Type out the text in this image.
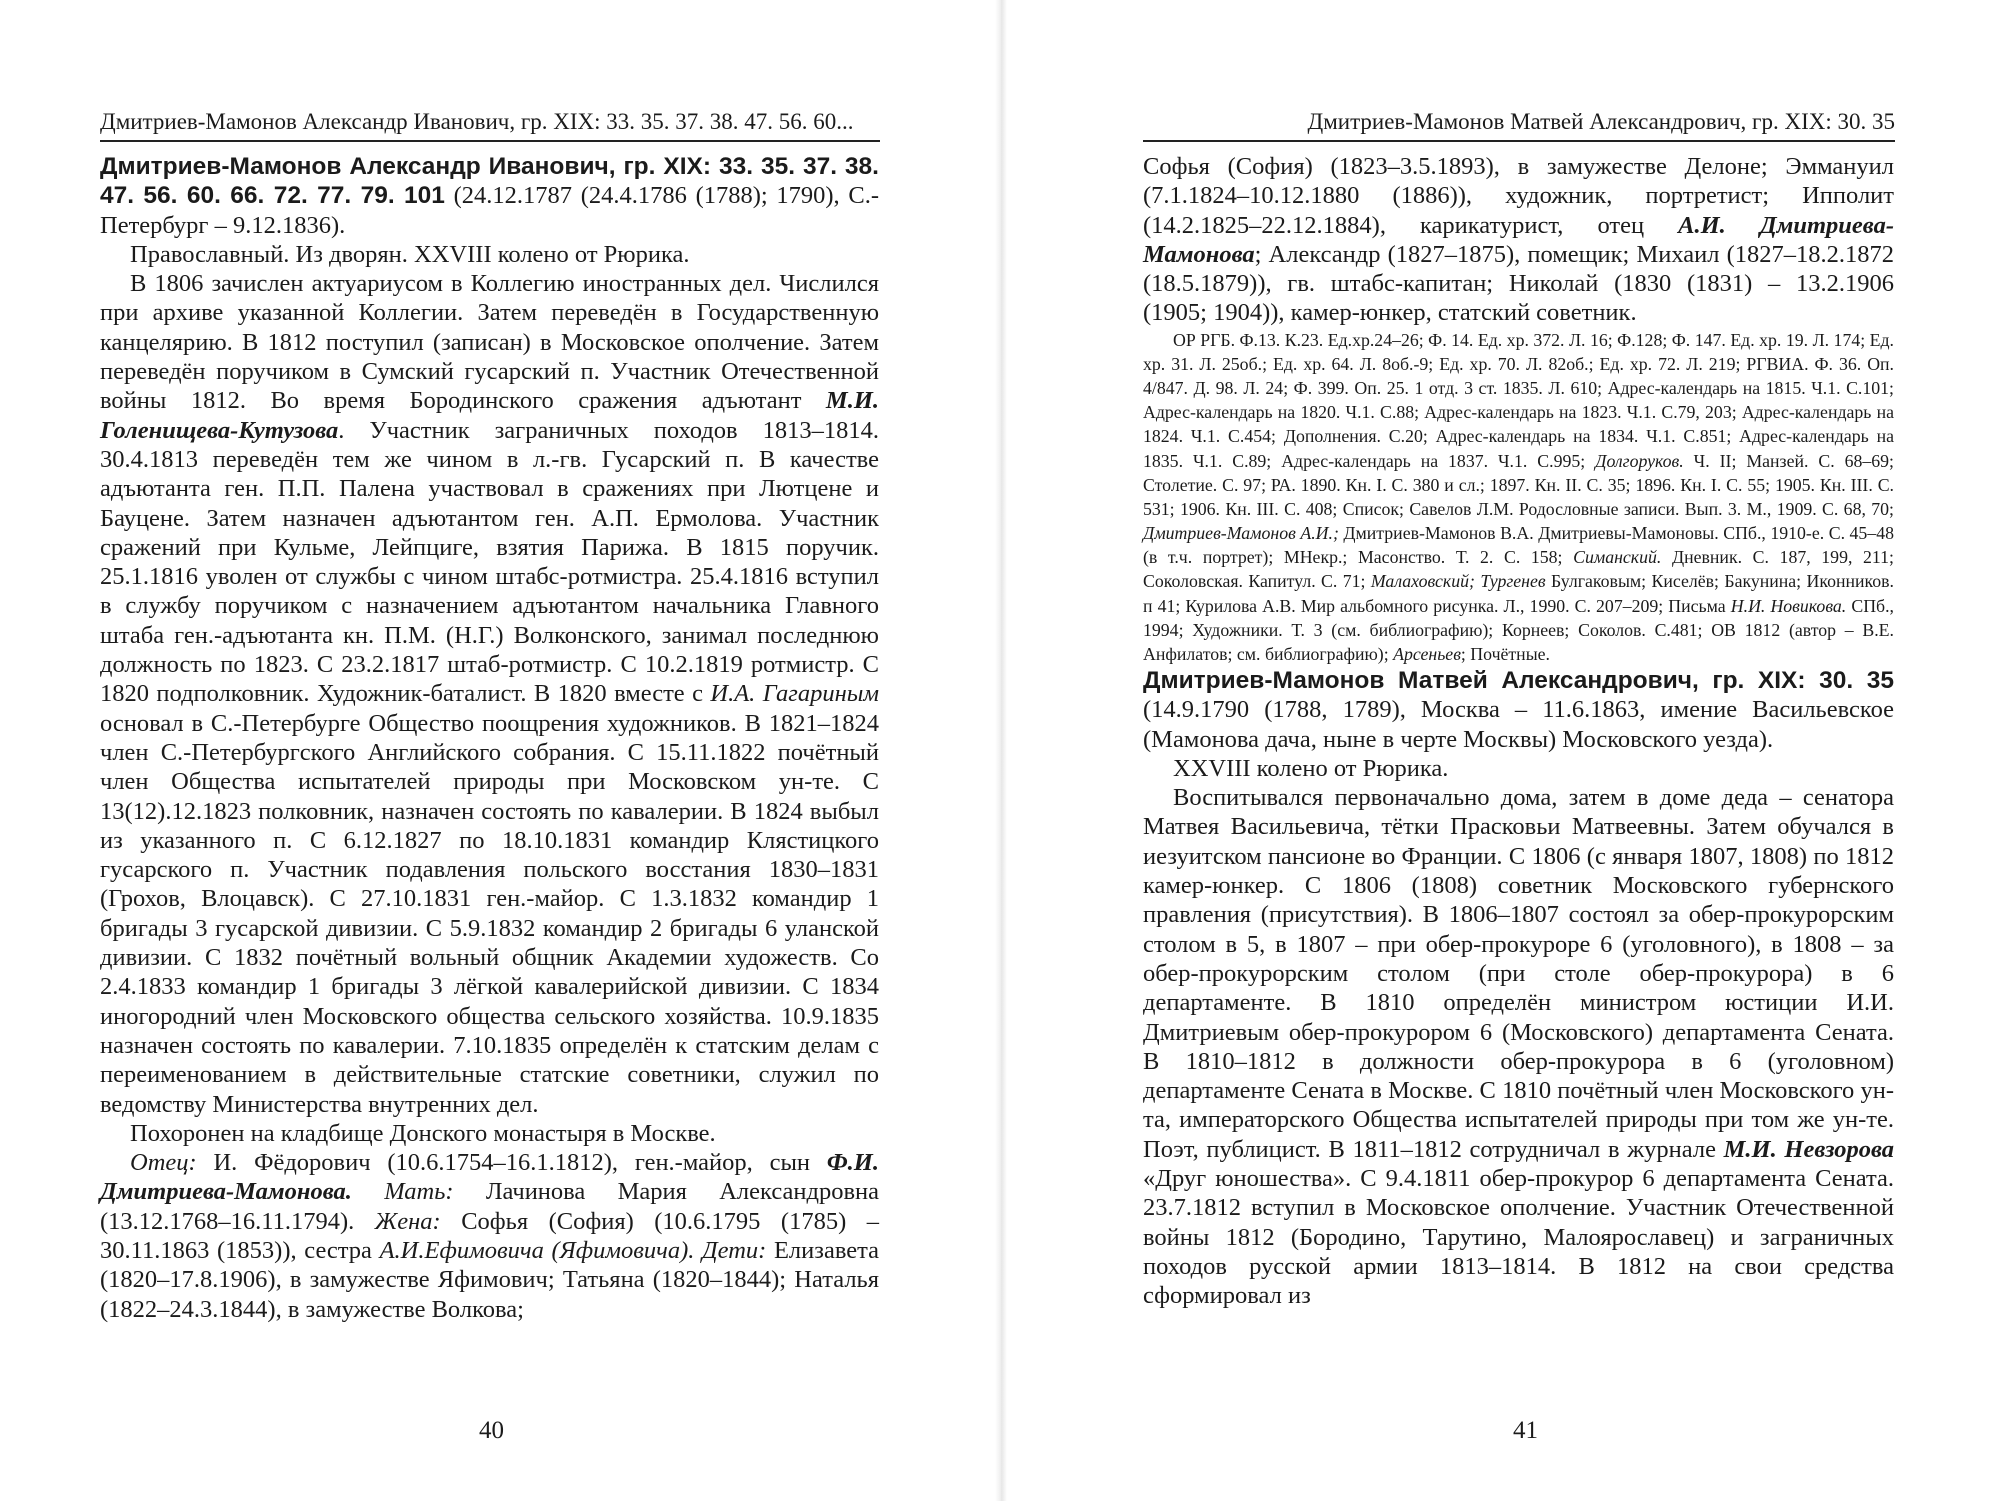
Дмитриев-Мамонов Александр Иванович, гр. XIX: 33. 35. 37. 38. 47. 56. 60...

Дмитриев-Мамонов Александр Иванович, гр. XIX: 33. 35. 37. 38. 47. 56. 60. 66. 72. 77. 79. 101 (24.12.1787 (24.4.1786 (1788); 1790), С.-Петербург – 9.12.1836).

Православный. Из дворян. XXVIII колено от Рюрика.

В 1806 зачислен актуариусом в Коллегию иностранных дел. Числился при архиве указанной Коллегии. Затем переведён в Государственную канцелярию. В 1812 поступил (записан) в Московское ополчение. Затем переведён поручиком в Сумский гусарский п. Участник Отечественной войны 1812. Во время Бородинского сражения адъютант М.И. Голенищева-Кутузова. Участник заграничных походов 1813–1814. 30.4.1813 переведён тем же чином в л.-гв. Гусарский п. В качестве адъютанта ген. П.П. Палена участвовал в сражениях при Лютцене и Бауцене. Затем назначен адъютантом ген. А.П. Ермолова. Участник сражений при Кульме, Лейпциге, взятия Парижа. В 1815 поручик. 25.1.1816 уволен от службы с чином штабс-ротмистра. 25.4.1816 вступил в службу поручиком с назначением адъютантом начальника Главного штаба ген.-адъютанта кн. П.М. (Н.Г.) Волконского, занимал последнюю должность по 1823. С 23.2.1817 штаб-ротмистр. С 10.2.1819 ротмистр. С 1820 подполковник. Художник-баталист. В 1820 вместе с И.А. Гагариным основал в С.-Петербурге Общество поощрения художников. В 1821–1824 член С.-Петербургского Английского собрания. С 15.11.1822 почётный член Общества испытателей природы при Московском ун-те. С 13(12).12.1823 полковник, назначен состоять по кавалерии. В 1824 выбыл из указанного п. С 6.12.1827 по 18.10.1831 командир Клястицкого гусарского п. Участник подавления польского восстания 1830–1831 (Грохов, Влоцавск). С 27.10.1831 ген.-майор. С 1.3.1832 командир 1 бригады 3 гусарской дивизии. С 5.9.1832 командир 2 бригады 6 уланской дивизии. С 1832 почётный вольный общник Академии художеств. Со 2.4.1833 командир 1 бригады 3 лёгкой кавалерийской дивизии. С 1834 иногородний член Московского общества сельского хозяйства. 10.9.1835 назначен состоять по кавалерии. 7.10.1835 определён к статским делам с переименованием в действительные статские советники, служил по ведомству Министерства внутренних дел.

Похоронен на кладбище Донского монастыря в Москве.

Отец: И. Фёдорович (10.6.1754–16.1.1812), ген.-майор, сын Ф.И. Дмитриева-Мамонова. Мать: Лачинова Мария Александровна (13.12.1768–16.11.1794). Жена: Софья (София) (10.6.1795 (1785) – 30.11.1863 (1853)), сестра А.И.Ефимовича (Яфимовича). Дети: Елизавета (1820–17.8.1906), в замужестве Яфимович; Татьяна (1820–1844); Наталья (1822–24.3.1844), в замужестве Волкова;

40
Дмитриев-Мамонов Матвей Александрович, гр. XIX: 30. 35

Софья (София) (1823–3.5.1893), в замужестве Делоне; Эммануил (7.1.1824–10.12.1880 (1886)), художник, портретист; Ипполит (14.2.1825–22.12.1884), карикатурист, отец А.И. Дмитриева-Мамонова; Александр (1827–1875), помещик; Михаил (1827–18.2.1872 (18.5.1879)), гв. штабс-капитан; Николай (1830 (1831) – 13.2.1906 (1905; 1904)), камер-юнкер, статский советник.

ОР РГБ. Ф.13. К.23. Ед.хр.24–26; Ф. 14. Ед. хр. 372. Л. 16; Ф.128; Ф. 147. Ед. хр. 19. Л. 174; Ед. хр. 31. Л. 25об.; Ед. хр. 64. Л. 8об.-9; Ед. хр. 70. Л. 82об.; Ед. хр. 72. Л. 219; РГВИА. Ф. 36. Оп. 4/847. Д. 98. Л. 24; Ф. 399. Оп. 25. 1 отд. 3 ст. 1835. Л. 610; Адрес-календарь на 1815. Ч.1. С.101; Адрес-календарь на 1820. Ч.1. С.88; Адрес-календарь на 1823. Ч.1. С.79, 203; Адрес-календарь на 1824. Ч.1. С.454; Дополнения. С.20; Адрес-календарь на 1834. Ч.1. С.851; Адрес-календарь на 1835. Ч.1. С.89; Адрес-календарь на 1837. Ч.1. С.995; Долгоруков. Ч. II; Манзей. С. 68–69; Столетие. С. 97; РА. 1890. Кн. I. С. 380 и сл.; 1897. Кн. II. С. 35; 1896. Кн. I. С. 55; 1905. Кн. III. С. 531; 1906. Кн. III. С. 408; Список; Савелов Л.М. Родословные записи. Вып. 3. М., 1909. С. 68, 70; Дмитриев-Мамонов А.И.; Дмитриев-Мамонов В.А. Дмитриевы-Мамоновы. СПб., 1910-е. С. 45–48 (в т.ч. портрет); МНекр.; Масонство. Т. 2. С. 158; Симанский. Дневник. С. 187, 199, 211; Соколовская. Капитул. С. 71; Малаховский; Тургенев Булгаковым; Киселёв; Бакунина; Иконников. п 41; Курилова А.В. Мир альбомного рисунка. Л., 1990. С. 207–209; Письма Н.И. Новикова. СПб., 1994; Художники. Т. 3 (см. библиографию); Корнеев; Соколов. С.481; ОВ 1812 (автор – В.Е. Анфилатов; см. библиографию); Арсеньев; Почётные.

Дмитриев-Мамонов Матвей Александрович, гр. XIX: 30. 35 (14.9.1790 (1788, 1789), Москва – 11.6.1863, имение Васильевское (Мамонова дача, ныне в черте Москвы) Московского уезда).

XXVIII колено от Рюрика.

Воспитывался первоначально дома, затем в доме деда – сенатора Матвея Васильевича, тётки Прасковьи Матвеевны. Затем обучался в иезуитском пансионе во Франции. С 1806 (с января 1807, 1808) по 1812 камер-юнкер. С 1806 (1808) советник Московского губернского правления (присутствия). В 1806–1807 состоял за обер-прокурорским столом в 5, в 1807 – при обер-прокуроре 6 (уголовного), в 1808 – за обер-прокурорским столом (при столе обер-прокурора) в 6 департаменте. В 1810 определён министром юстиции И.И. Дмитриевым обер-прокурором 6 (Московского) департамента Сената. В 1810–1812 в должности обер-прокурора в 6 (уголовном) департаменте Сената в Москве. С 1810 почётный член Московского ун-та, императорского Общества испытателей природы при том же ун-те. Поэт, публицист. В 1811–1812 сотрудничал в журнале М.И. Невзорова «Друг юношества». С 9.4.1811 обер-прокурор 6 департамента Сената. 23.7.1812 вступил в Московское ополчение. Участник Отечественной войны 1812 (Бородино, Тарутино, Малоярославец) и заграничных походов русской армии 1813–1814. В 1812 на свои средства сформировал из

41
